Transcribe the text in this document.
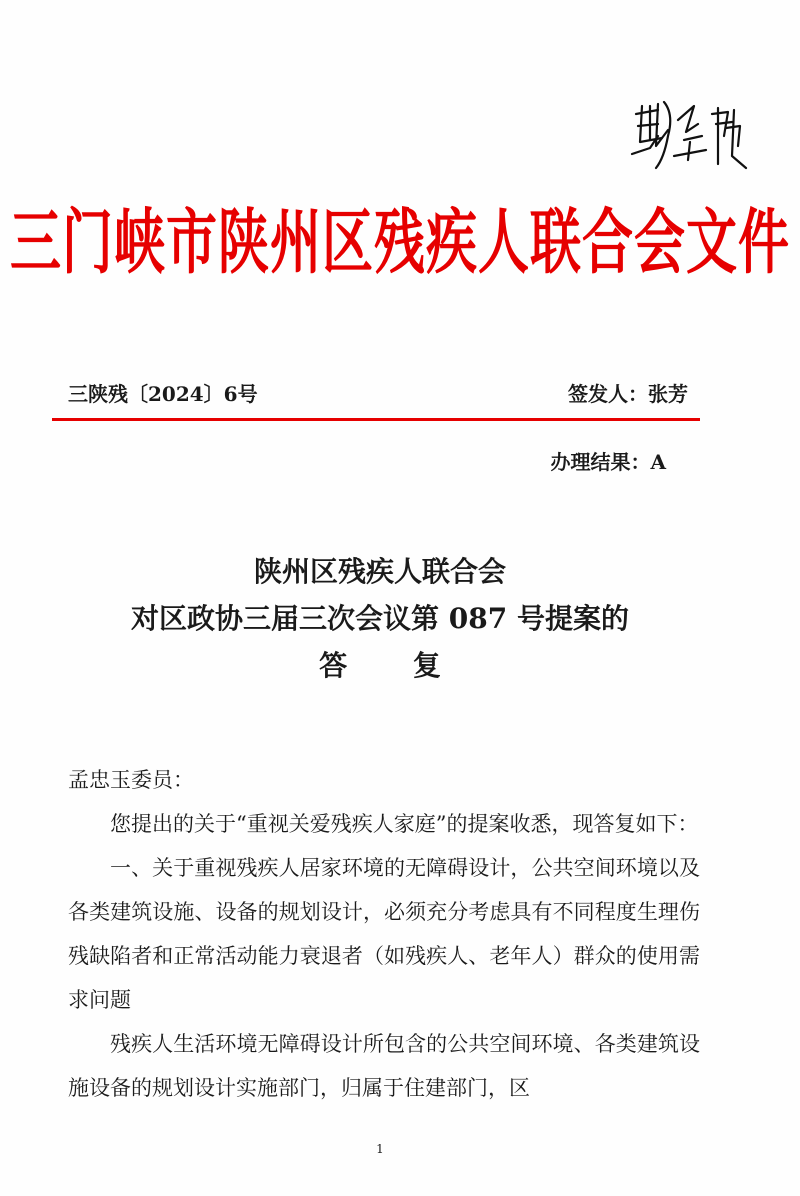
三门峡市陕州区残疾人联合会文件
三陕残〔2024〕6号	签发人：张芳
办理结果：A
陕州区残疾人联合会
对区政协三届三次会议第 087 号提案的
答 复

孟忠玉委员：

您提出的关于“重视关爱残疾人家庭”的提案收悉，现答复如下：

一、关于重视残疾人居家环境的无障碍设计，公共空间环境以及各类建筑设施、设备的规划设计，必须充分考虑具有不同程度生理伤残缺陷者和正常活动能力衰退者（如残疾人、老年人）群众的使用需求问题

残疾人生活环境无障碍设计所包含的公共空间环境、各类建筑设施设备的规划设计实施部门，归属于住建部门，区

1
